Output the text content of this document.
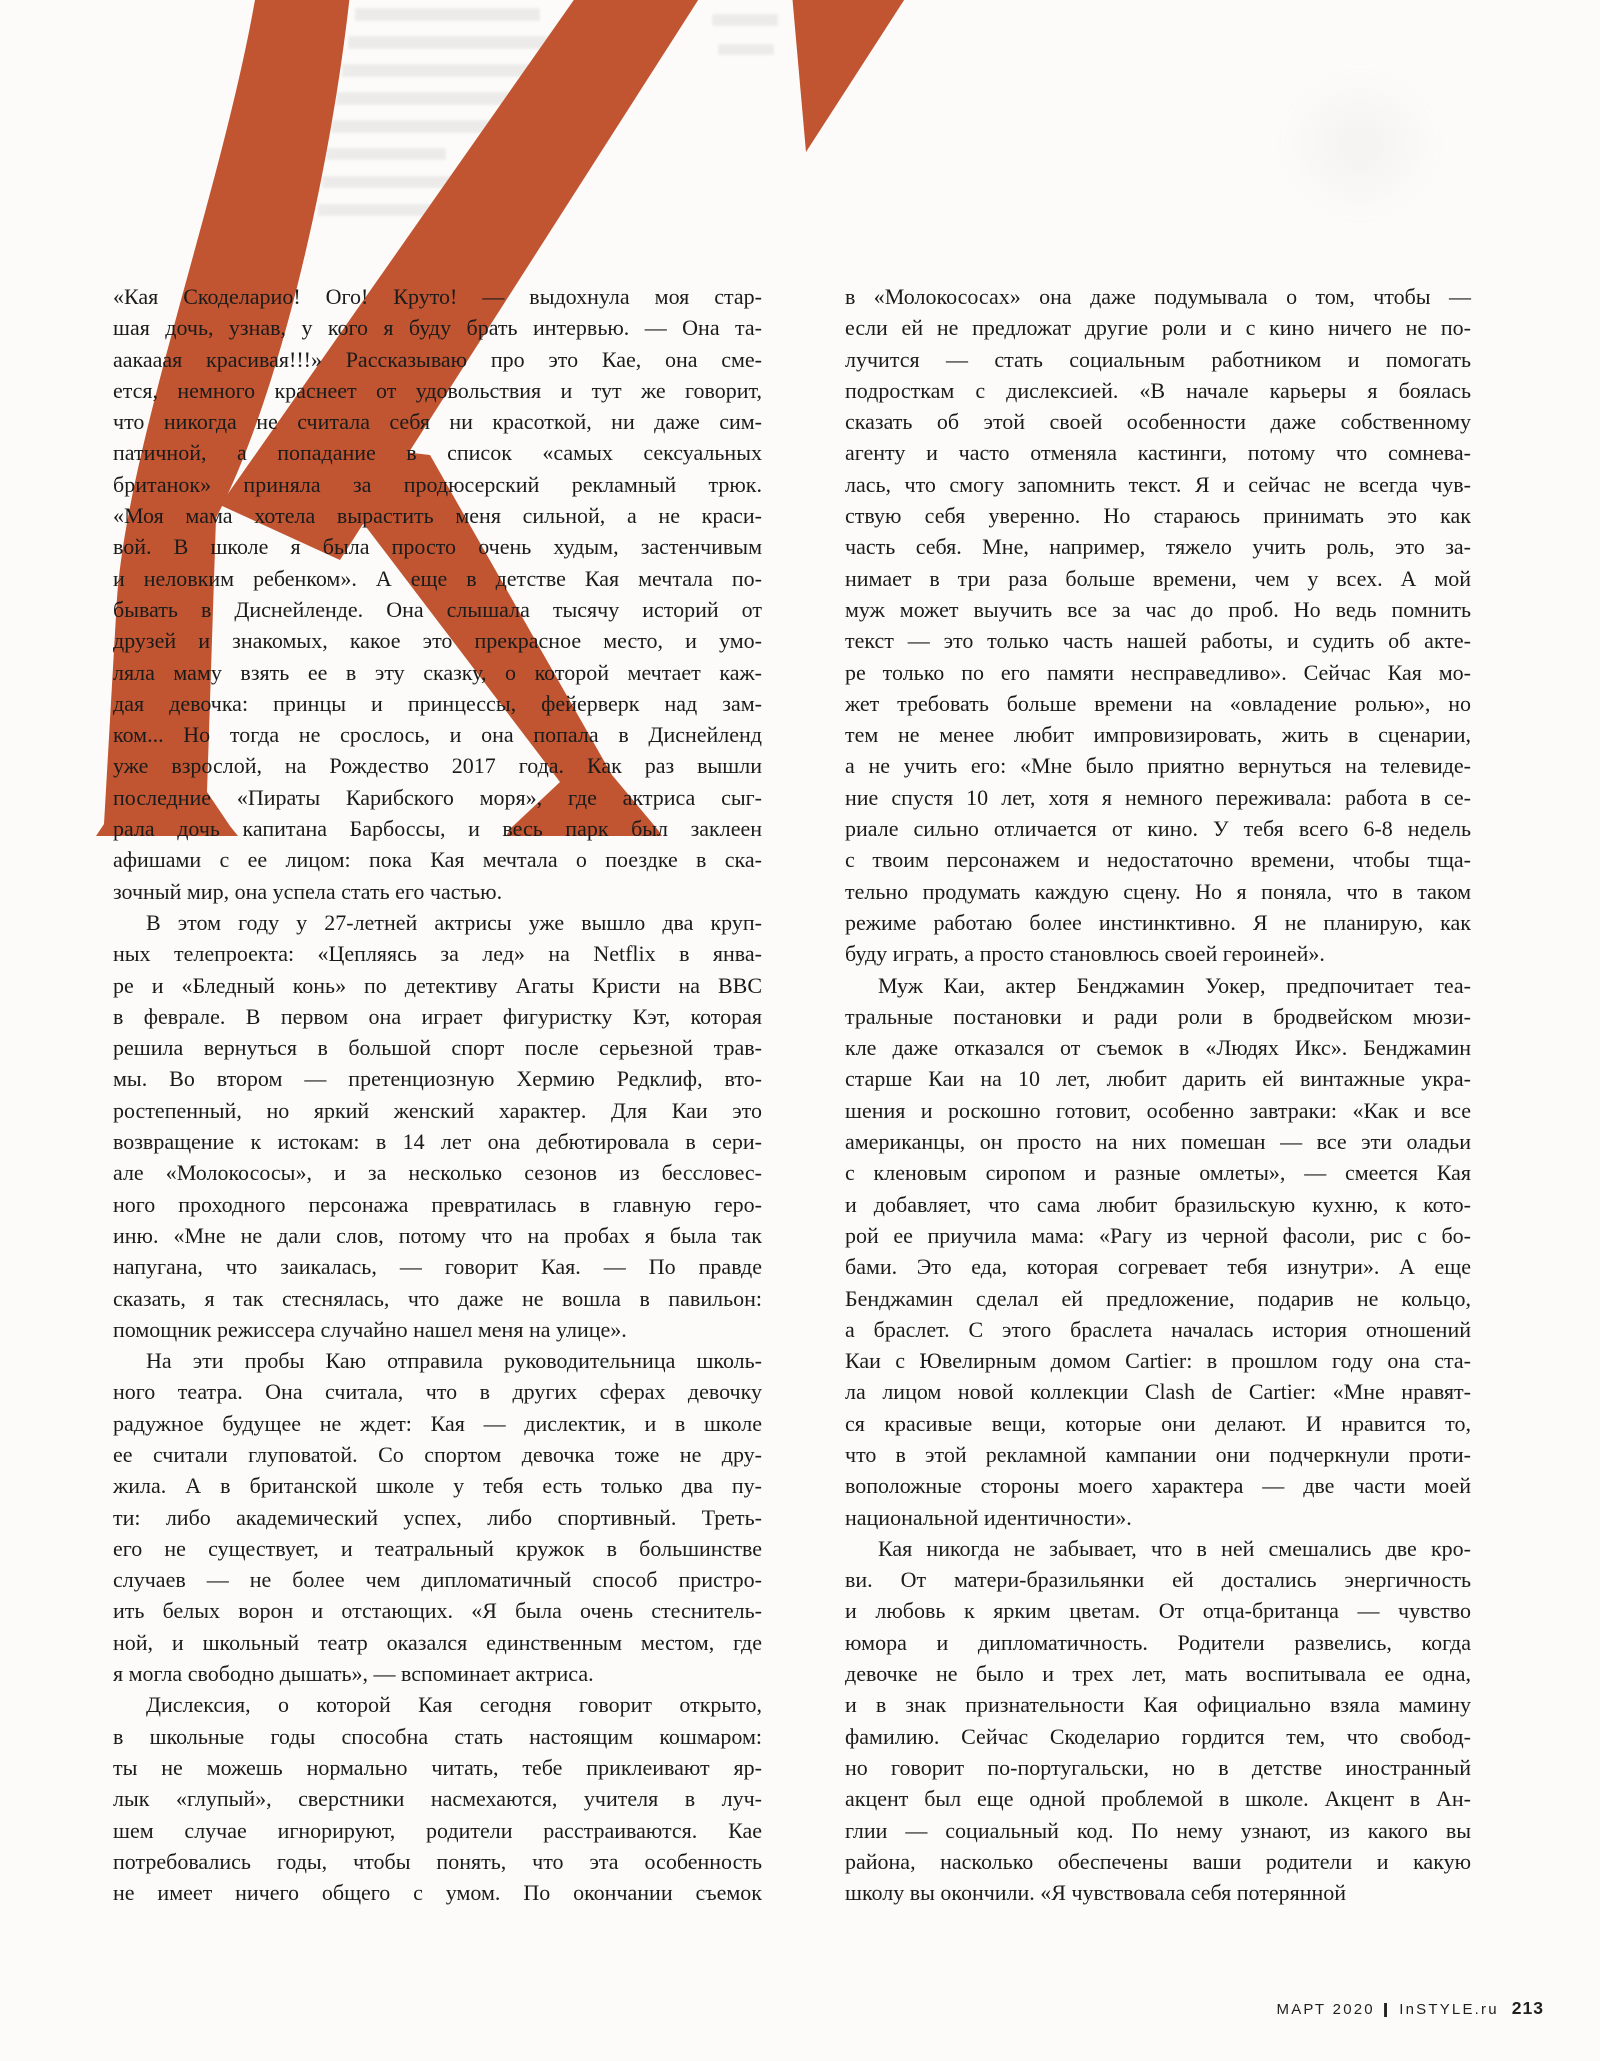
«Кая Скоделарио! Ого! Круто! — выдохнула моя стар-
шая дочь, узнав, у кого я буду брать интервью. — Она та-
аакааая красивая!!!» Рассказываю про это Кае, она сме-
ется, немного краснеет от удовольствия и тут же говорит,
что никогда не считала себя ни красоткой, ни даже сим-
патичной, а попадание в список «самых сексуальных
британок» приняла за продюсерский рекламный трюк.
«Моя мама хотела вырастить меня сильной, а не краси-
вой. В школе я была просто очень худым, застенчивым
и неловким ребенком». А еще в детстве Кая мечтала по-
бывать в Диснейленде. Она слышала тысячу историй от
друзей и знакомых, какое это прекрасное место, и умо-
ляла маму взять ее в эту сказку, о которой мечтает каж-
дая девочка: принцы и принцессы, фейерверк над зам-
ком... Но тогда не срослось, и она попала в Диснейленд
уже взрослой, на Рождество 2017 года. Как раз вышли
последние «Пираты Карибского моря», где актриса сыг-
рала дочь капитана Барбоссы, и весь парк был заклеен
афишами с ее лицом: пока Кая мечтала о поездке в ска-
зочный мир, она успела стать его частью.
В этом году у 27-летней актрисы уже вышло два круп-
ных телепроекта: «Цепляясь за лед» на Netflix в янва-
ре и «Бледный конь» по детективу Агаты Кристи на BBC
в феврале. В первом она играет фигуристку Кэт, которая
решила вернуться в большой спорт после серьезной трав-
мы. Во втором — претенциозную Хермию Редклиф, вто-
ростепенный, но яркий женский характер. Для Каи это
возвращение к истокам: в 14 лет она дебютировала в сери-
але «Молокососы», и за несколько сезонов из бессловес-
ного проходного персонажа превратилась в главную геро-
иню. «Мне не дали слов, потому что на пробах я была так
напугана, что заикалась, — говорит Кая. — По правде
сказать, я так стеснялась, что даже не вошла в павильон:
помощник режиссера случайно нашел меня на улице».
На эти пробы Каю отправила руководительница школь-
ного театра. Она считала, что в других сферах девочку
радужное будущее не ждет: Кая — дислектик, и в школе
ее считали глуповатой. Со спортом девочка тоже не дру-
жила. А в британской школе у тебя есть только два пу-
ти: либо академический успех, либо спортивный. Треть-
его не существует, и театральный кружок в большинстве
случаев — не более чем дипломатичный способ пристро-
ить белых ворон и отстающих. «Я была очень стеснитель-
ной, и школьный театр оказался единственным местом, где
я могла свободно дышать», — вспоминает актриса.
Дислексия, о которой Кая сегодня говорит открыто,
в школьные годы способна стать настоящим кошмаром:
ты не можешь нормально читать, тебе приклеивают яр-
лык «глупый», сверстники насмехаются, учителя в луч-
шем случае игнорируют, родители расстраиваются. Кае
потребовались годы, чтобы понять, что эта особенность
не имеет ничего общего с умом. По окончании съемок
в «Молокососах» она даже подумывала о том, чтобы —
если ей не предложат другие роли и с кино ничего не по-
лучится — стать социальным работником и помогать
подросткам с дислексией. «В начале карьеры я боялась
сказать об этой своей особенности даже собственному
агенту и часто отменяла кастинги, потому что сомнева-
лась, что смогу запомнить текст. Я и сейчас не всегда чув-
ствую себя уверенно. Но стараюсь принимать это как
часть себя. Мне, например, тяжело учить роль, это за-
нимает в три раза больше времени, чем у всех. А мой
муж может выучить все за час до проб. Но ведь помнить
текст — это только часть нашей работы, и судить об акте-
ре только по его памяти несправедливо». Сейчас Кая мо-
жет требовать больше времени на «овладение ролью», но
тем не менее любит импровизировать, жить в сценарии,
а не учить его: «Мне было приятно вернуться на телевиде-
ние спустя 10 лет, хотя я немного переживала: работа в се-
риале сильно отличается от кино. У тебя всего 6-8 недель
с твоим персонажем и недостаточно времени, чтобы тща-
тельно продумать каждую сцену. Но я поняла, что в таком
режиме работаю более инстинктивно. Я не планирую, как
буду играть, а просто становлюсь своей героиней».
Муж Каи, актер Бенджамин Уокер, предпочитает теа-
тральные постановки и ради роли в бродвейском мюзи-
кле даже отказался от съемок в «Людях Икс». Бенджамин
старше Каи на 10 лет, любит дарить ей винтажные укра-
шения и роскошно готовит, особенно завтраки: «Как и все
американцы, он просто на них помешан — все эти оладьи
с кленовым сиропом и разные омлеты», — смеется Кая
и добавляет, что сама любит бразильскую кухню, к кото-
рой ее приучила мама: «Рагу из черной фасоли, рис с бо-
бами. Это еда, которая согревает тебя изнутри». А еще
Бенджамин сделал ей предложение, подарив не кольцо,
а браслет. С этого браслета началась история отношений
Каи с Ювелирным домом Cartier: в прошлом году она ста-
ла лицом новой коллекции Clash de Cartier: «Мне нравят-
ся красивые вещи, которые они делают. И нравится то,
что в этой рекламной кампании они подчеркнули проти-
воположные стороны моего характера — две части моей
национальной идентичности».
Кая никогда не забывает, что в ней смешались две кро-
ви. От матери-бразильянки ей достались энергичность
и любовь к ярким цветам. От отца-британца — чувство
юмора и дипломатичность. Родители развелись, когда
девочке не было и трех лет, мать воспитывала ее одна,
и в знак признательности Кая официально взяла мамину
фамилию. Сейчас Скоделарио гордится тем, что свобод-
но говорит по-португальски, но в детстве иностранный
акцент был еще одной проблемой в школе. Акцент в Ан-
глии — социальный код. По нему узнают, из какого вы
района, насколько обеспечены ваши родители и какую
школу вы окончили. «Я чувствовала себя потерянной
МАРТ 2020 | InSTYLE.ru 213
